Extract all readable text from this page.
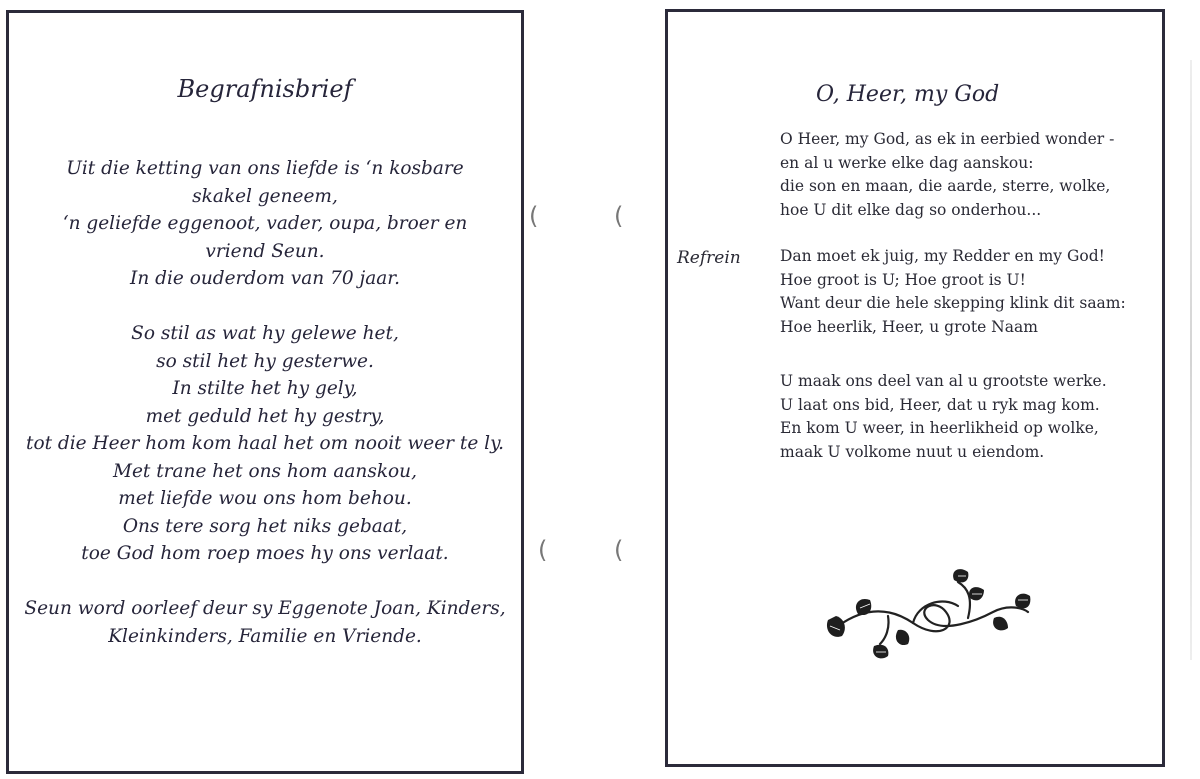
Begrafnisbrief
Uit die ketting van ons liefde is ‘n kosbare
skakel geneem,
‘n geliefde eggenoot, vader, oupa, broer en
vriend Seun.
In die ouderdom van 70 jaar.
So stil as wat hy gelewe het,
so stil het hy gesterwe.
In stilte het hy gely,
met geduld het hy gestry,
tot die Heer hom kom haal het om nooit weer te ly.
Met trane het ons hom aanskou,
met liefde wou ons hom behou.
Ons tere sorg het niks gebaat,
toe God hom roep moes hy ons verlaat.
Seun word oorleef deur sy Eggenote Joan, Kinders,
Kleinkinders, Familie en Vriende.
(	(
(	(
O, Heer, my God
O Heer, my God, as ek in eerbied wonder -
en al u werke elke dag aanskou:
die son en maan, die aarde, sterre, wolke,
hoe U dit elke dag so onderhou...
Refrein	Dan moet ek juig, my Redder en my God!
Hoe groot is U; Hoe groot is U!
Want deur die hele skepping klink dit saam:
Hoe heerlik, Heer, u grote Naam
U maak ons deel van al u grootste werke.
U laat ons bid, Heer, dat u ryk mag kom.
En kom U weer, in heerlikheid op wolke,
maak U volkome nuut u eiendom.
